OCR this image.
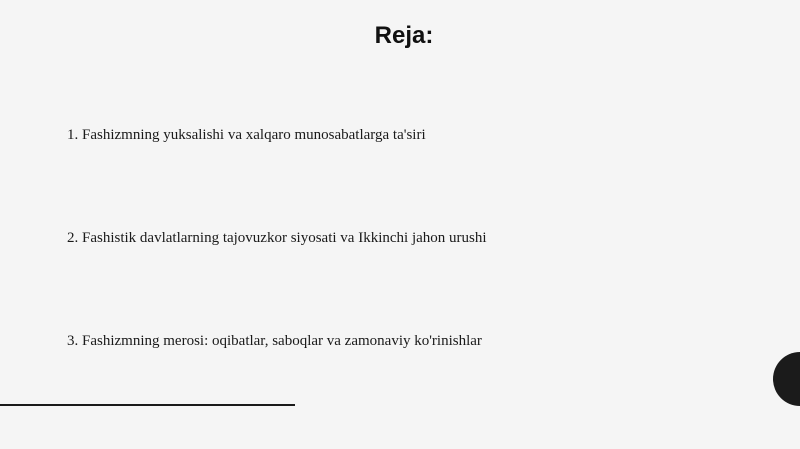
Reja:
1. Fashizmning yuksalishi va xalqaro munosabatlarga ta'siri
2. Fashistik davlatlarning tajovuzkor siyosati va Ikkinchi jahon urushi
3. Fashizmning merosi: oqibatlar, saboqlar va zamonaviy ko'rinishlar
